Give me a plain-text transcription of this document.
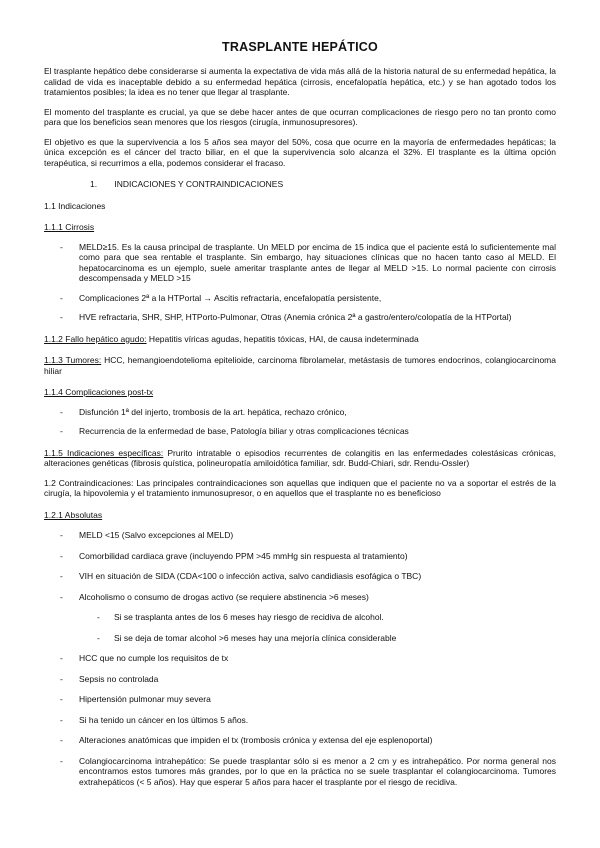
TRASPLANTE HEPÁTICO

El trasplante hepático debe considerarse si aumenta la expectativa de vida más allá de la historia natural de su enfermedad hepática, la calidad de vida es inaceptable debido a su enfermedad hepática (cirrosis, encefalopatía hepática, etc.) y se han agotado todos los tratamientos posibles; la idea es no tener que llegar al trasplante.

El momento del trasplante es crucial, ya que se debe hacer antes de que ocurran complicaciones de riesgo pero no tan pronto como para que los beneficios sean menores que los riesgos (cirugía, inmunosupresores).

El objetivo es que la supervivencia a los 5 años sea mayor del 50%, cosa que ocurre en la mayoría de enfermedades hepáticas; la única excepción es el cáncer del tracto biliar, en el que la supervivencia solo alcanza el 32%. El trasplante es la última opción terapéutica, si recurrimos a ella, podemos considerar el fracaso.

1. INDICACIONES Y CONTRAINDICACIONES
1.1 Indicaciones
1.1.1 Cirrosis
- MELD≥15. Es la causa principal de trasplante. Un MELD por encima de 15 indica que el paciente está lo suficientemente mal como para que sea rentable el trasplante. Sin embargo, hay situaciones clínicas que no hacen tanto caso al MELD. El hepatocarcinoma es un ejemplo, suele ameritar trasplante antes de llegar al MELD >15. Lo normal paciente con cirrosis descompensada y MELD >15
- Complicaciones 2ª a la HTPortal → Ascitis refractaria, encefalopatía persistente,
- HVE refractaria, SHR, SHP, HTPorto-Pulmonar, Otras (Anemia crónica 2ª a gastro/entero/colopatía de la HTPortal)

1.1.2 Fallo hepático agudo: Hepatitis víricas agudas, hepatitis tóxicas, HAI, de causa indeterminada

1.1.3 Tumores: HCC, hemangioendotelioma epitelioide, carcinoma fibrolamelar, metástasis de tumores endocrinos, colangiocarcinoma hiliar

1.1.4 Complicaciones post-tx
- Disfunción 1ª del injerto, trombosis de la art. hepática, rechazo crónico,
- Recurrencia de la enfermedad de base, Patología biliar y otras complicaciones técnicas

1.1.5 Indicaciones específicas: Prurito intratable o episodios recurrentes de colangitis en las enfermedades colestásicas crónicas, alteraciones genéticas (fibrosis quística, polineuropatía amiloidótica familiar, sdr. Budd-Chiari, sdr. Rendu-Ossler)

1.2 Contraindicaciones: Las principales contraindicaciones son aquellas que indiquen que el paciente no va a soportar el estrés de la cirugía, la hipovolemia y el tratamiento inmunosupresor, o en aquellos que el trasplante no es beneficioso

1.2.1 Absolutas
- MELD <15 (Salvo excepciones al MELD)
- Comorbilidad cardiaca grave (incluyendo PPM >45 mmHg sin respuesta al tratamiento)
- VIH en situación de SIDA (CDA<100 o infección activa, salvo candidiasis esofágica o TBC)
- Alcoholismo o consumo de drogas activo (se requiere abstinencia >6 meses)
- Si se trasplanta antes de los 6 meses hay riesgo de recidiva de alcohol.
- Si se deja de tomar alcohol >6 meses hay una mejoría clínica considerable
- HCC que no cumple los requisitos de tx
- Sepsis no controlada
- Hipertensión pulmonar muy severa
- Si ha tenido un cáncer en los últimos 5 años.
- Alteraciones anatómicas que impiden el tx (trombosis crónica y extensa del eje esplenoportal)
- Colangiocarcinoma intrahepático: Se puede trasplantar sólo si es menor a 2 cm y es intrahepático. Por norma general nos encontramos estos tumores más grandes, por lo que en la práctica no se suele trasplantar el colangiocarcinoma. Tumores extrahepáticos (< 5 años). Hay que esperar 5 años para hacer el trasplante por el riesgo de recidiva.
